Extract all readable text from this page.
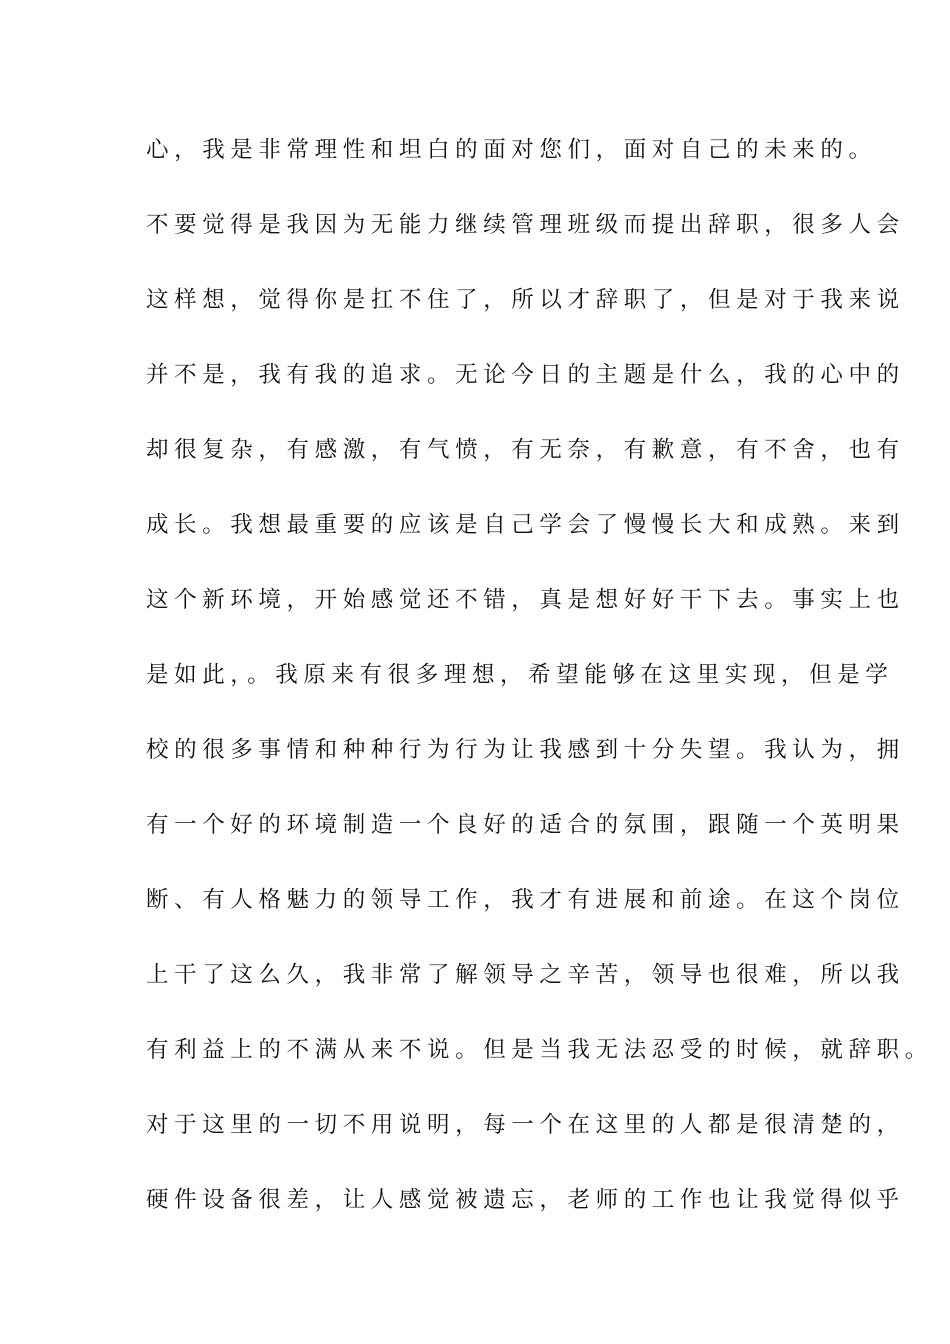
心，我是非常理性和坦白的面对您们，面对自己的未来的。
不要觉得是我因为无能力继续管理班级而提出辞职，很多人会
这样想，觉得你是扛不住了，所以才辞职了，但是对于我来说
并不是，我有我的追求。无论今日的主题是什么，我的心中的
却很复杂，有感激，有气愤，有无奈，有歉意，有不舍，也有
成长。我想最重要的应该是自己学会了慢慢长大和成熟。来到
这个新环境，开始感觉还不错，真是想好好干下去。事实上也
是如此，。我原来有很多理想，希望能够在这里实现，但是学
校的很多事情和种种行为行为让我感到十分失望。我认为，拥
有一个好的环境制造一个良好的适合的氛围，跟随一个英明果
断、有人格魅力的领导工作，我才有进展和前途。在这个岗位
上干了这么久，我非常了解领导之辛苦，领导也很难，所以我
有利益上的不满从来不说。但是当我无法忍受的时候，就辞职。
对于这里的一切不用说明，每一个在这里的人都是很清楚的，
硬件设备很差，让人感觉被遗忘，老师的工作也让我觉得似乎
